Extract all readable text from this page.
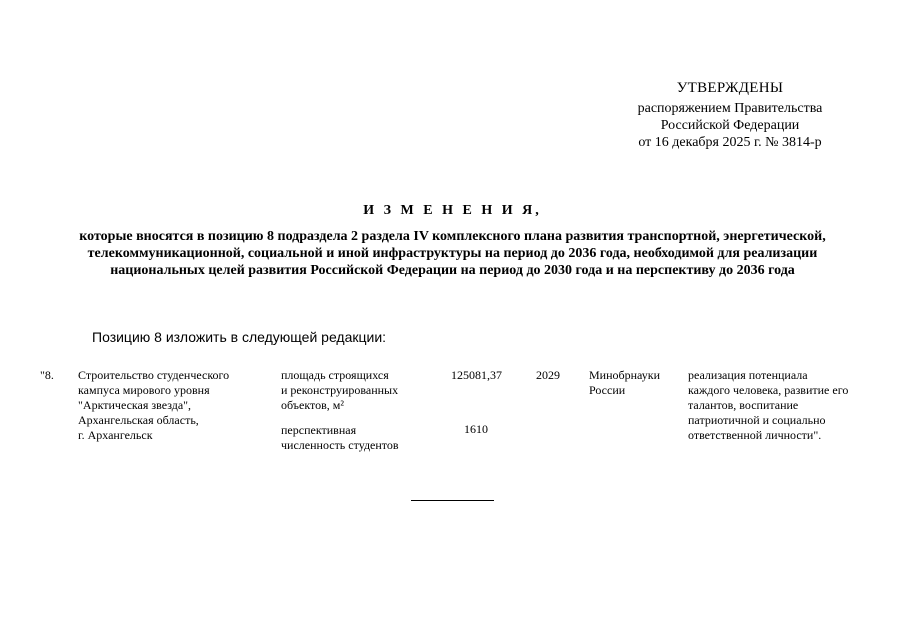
УТВЕРЖДЕНЫ
распоряжением Правительства
Российской Федерации
от 16 декабря 2025 г. № 3814-р
И З М Е Н Е Н И Я,
которые вносятся в позицию 8 подраздела 2 раздела IV комплексного плана развития транспортной, энергетической, телекоммуникационной, социальной и иной инфраструктуры на период до 2036 года, необходимой для реализации национальных целей развития Российской Федерации на период до 2030 года и на перспективу до 2036 года
Позицию 8 изложить в следующей редакции:
"8. Строительство студенческого
кампуса мирового уровня
"Арктическая звезда",
Архангельская область,
г. Архангельск
площадь строящихся
и реконструированных
объектов, м²
перспективная
численность студентов
125081,37
1610
2029 Минобрнауки
России
реализация потенциала
каждого человека, развитие его
талантов, воспитание
патриотичной и социально
ответственной личности".
